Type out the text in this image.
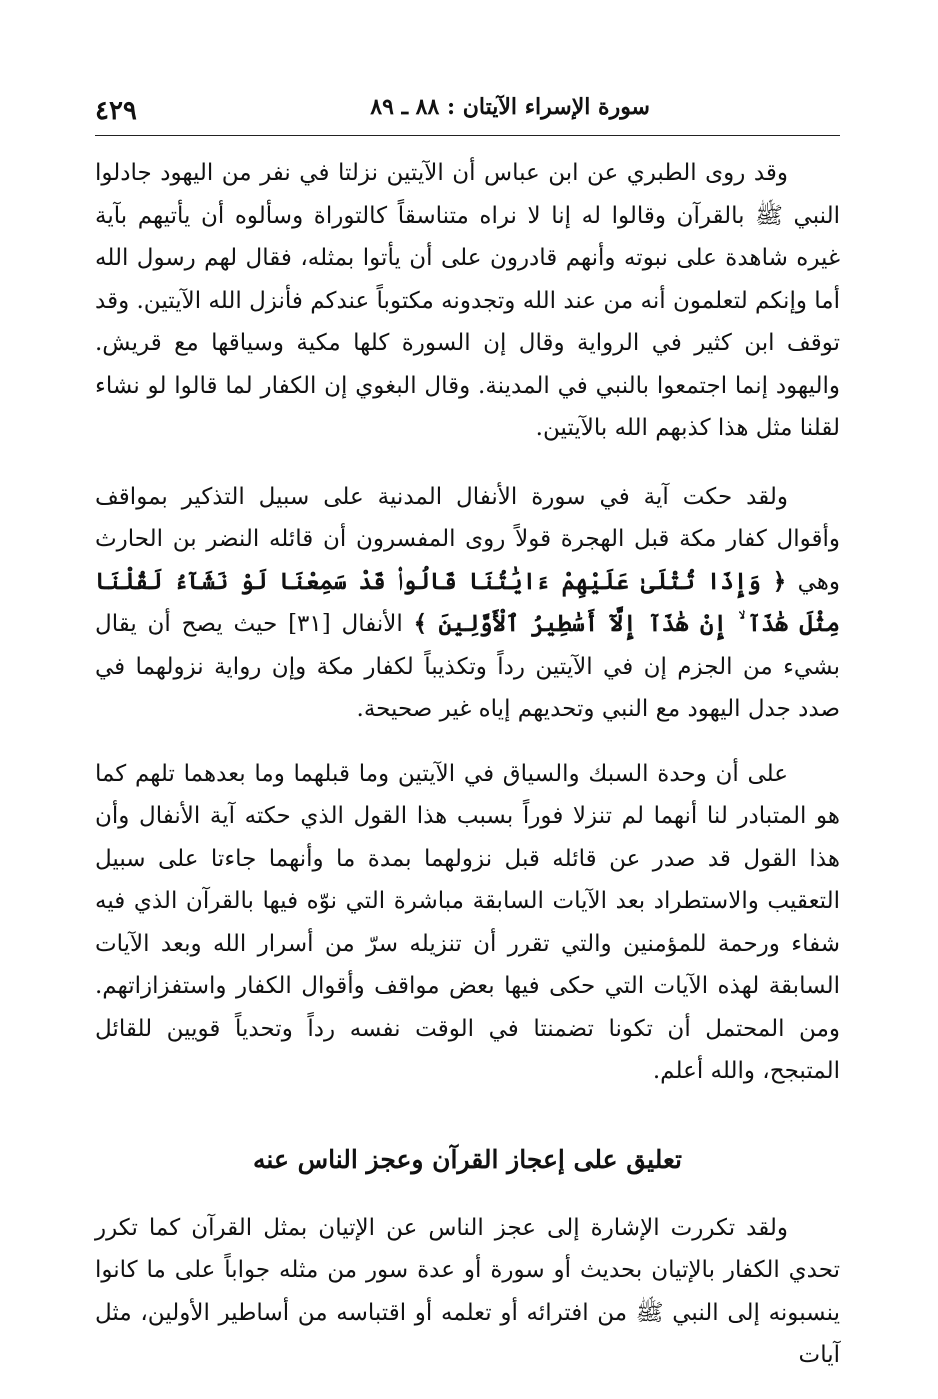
سورة الإسراء الآيتان : ٨٨ ـ ٨٩
٤٢٩

وقد روى الطبري عن ابن عباس أن الآيتين نزلتا في نفر من اليهود جادلوا النبي ﷺ بالقرآن وقالوا له إنا لا نراه متناسقاً كالتوراة وسألوه أن يأتيهم بآية غيره شاهدة على نبوته وأنهم قادرون على أن يأتوا بمثله، فقال لهم رسول الله أما وإنكم لتعلمون أنه من عند الله وتجدونه مكتوباً عندكم فأنزل الله الآيتين. وقد توقف ابن كثير في الرواية وقال إن السورة كلها مكية وسياقها مع قريش. واليهود إنما اجتمعوا بالنبي في المدينة. وقال البغوي إن الكفار لما قالوا لو نشاء لقلنا مثل هذا كذبهم الله بالآيتين.

ولقد حكت آية في سورة الأنفال المدنية على سبيل التذكير بمواقف وأقوال كفار مكة قبل الهجرة قولاً روى المفسرون أن قائله النضر بن الحارث وهي ﴿ وَإِذَا تُتْلَىٰ عَلَيْهِمْ ءَايَٰتُنَا قَالُوا۟ قَدْ سَمِعْنَا لَوْ نَشَآءُ لَقُلْنَا مِثْلَ هَٰذَآ ۙ إِنْ هَٰذَآ إِلَّآ أَسَٰطِيرُ ٱلْأَوَّلِينَ ﴾ الأنفال [٣١] حيث يصح أن يقال بشيء من الجزم إن في الآيتين رداً وتكذيباً لكفار مكة وإن رواية نزولهما في صدد جدل اليهود مع النبي وتحديهم إياه غير صحيحة.

على أن وحدة السبك والسياق في الآيتين وما قبلهما وما بعدهما تلهم كما هو المتبادر لنا أنهما لم تنزلا فوراً بسبب هذا القول الذي حكته آية الأنفال وأن هذا القول قد صدر عن قائله قبل نزولهما بمدة ما وأنهما جاءتا على سبيل التعقيب والاستطراد بعد الآيات السابقة مباشرة التي نوّه فيها بالقرآن الذي فيه شفاء ورحمة للمؤمنين والتي تقرر أن تنزيله سرّ من أسرار الله وبعد الآيات السابقة لهذه الآيات التي حكى فيها بعض مواقف وأقوال الكفار واستفزازاتهم. ومن المحتمل أن تكونا تضمنتا في الوقت نفسه رداً وتحدياً قويين للقائل المتبجح، والله أعلم.

تعليق على إعجاز القرآن وعجز الناس عنه

ولقد تكررت الإشارة إلى عجز الناس عن الإتيان بمثل القرآن كما تكرر تحدي الكفار بالإتيان بحديث أو سورة أو عدة سور من مثله جواباً على ما كانوا ينسبونه إلى النبي ﷺ من افترائه أو تعلمه أو اقتباسه من أساطير الأولين، مثل آيات
